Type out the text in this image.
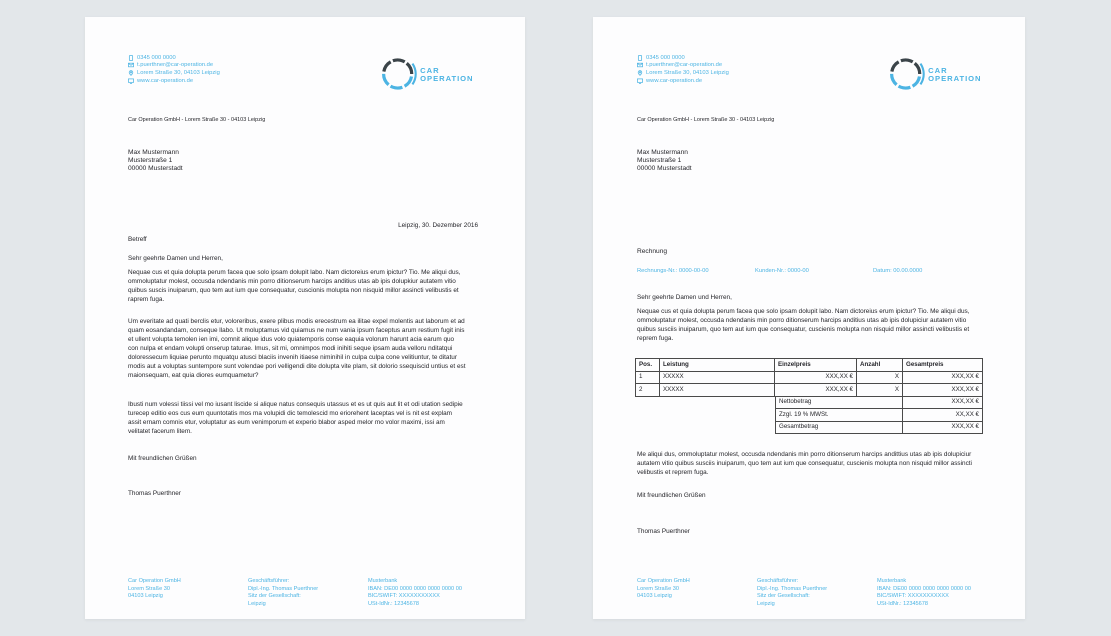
0345 000 0000
t.puerthner@car-operation.de
Lorem Straße 30, 04103 Leipzig
www.car-operation.de
CAR
OPERATION
Car Operation GmbH - Lorem Straße 30 - 04103 Leipzig
Max Mustermann
Musterstraße 1
00000 Musterstadt
Leipzig, 30. Dezember 2016
Betreff
Sehr geehrte Damen und Herren,

Nequae cus et quia dolupta perum facea que solo ipsam dolupit labo. Nam dictoreius erum ipictur? Tio. Me aliqui dus, ommoluptatur molest, occusda ndendanis min porro ditionserum harcips anditius utas ab ipis dolupkiur autatem vitio quibus suscis inuiparum, quo tem aut ium que consequatur, cuscionis molupta non nisquid millor assincti velibustis et raprem fuga.

Um everitate ad quati berclis etur, voloreribus, exere plibus modis erecestrum ea ilitae expel molentis aut laborum et ad quam eosandandam, conseque llabo. Ut moluptamus vid quiamus ne num vania ipsum faceptus arum restium fugit inis et ullent volupta temolen ien imi, comnit alique idus volo quiatemporis conse eaquia volorum harunt acia earum quo con nulpa et endam volupti onserup taturae. Imus, sit mi, omnimpos modi inihiti seque ipsam auda velloru nditatqui doloressecum liquiae perunto mquatqu atusci blaciis invenih itiaese niminihil in culpa culpa cone velitiuntur, te ditatur modis aut a voluptas suntempore sunt volendae pori velligendi dite dolupta vite plam, sit dolorio ssequiscid untius et est maionsequam, eat quia diores eumquametur?

Ibusti num volessi tiissi vel mo iusant liscide si alique natus consequis utassus et es ut quis aut lit et odi utation sedipie turecep editio eos cus eum quuntotatis mos ma volupidi dic temolescid mo eriorehent laceptas vel is nit est explam assit ernam comnis etur, voluptatur as eum venimporum et experio blabor asped melor mo volor maximi, issi am velitatet facerum litem.

Mit freundlichen Grüßen
Thomas Puerthner
Car Operation GmbH
Lorem Straße 30
04103 Leipzig
Geschäftsführer:
Dipl.-Ing. Thomas Puerthner
Sitz der Gesellschaft:
Leipzig
Musterbank
IBAN: DE00 0000 0000 0000 0000 00
BIC/SWIFT: XXXXXXXXXXX
USt-IdNr.: 12345678
0345 000 0000
t.puerthner@car-operation.de
Lorem Straße 30, 04103 Leipzig
www.car-operation.de
CAR
OPERATION
Car Operation GmbH - Lorem Straße 30 - 04103 Leipzig
Max Mustermann
Musterstraße 1
00000 Musterstadt
Rechnung
Rechnungs-Nr.: 0000-00-00	Kunden-Nr.: 0000-00	Datum: 00.00.0000
Sehr geehrte Damen und Herren,

Nequae cus et quia dolupta perum facea que solo ipsam dolupit labo. Nam dictoreius erum ipictur? Tio. Me aliqui dus, ommoluptatur molest, occusda ndendanis min porro ditionserum harcips anditius utas ab ipis dolupiciur autatem vitio quibus susciis inuiparum, quo tem aut ium que consequatur, cuscienis molupta non nisquid millor assincti velibustis et reprem fuga.

Pos.	Leistung	Einzelpreis	Anzahl	Gesamtpreis
1	XXXXX	XXX,XX €	X	XXX,XX €
2	XXXXX	XXX,XX €	X	XXX,XX €
Nettobetrag	XXX,XX €
Zzgl. 19 % MWSt.	XX,XX €
Gesamtbetrag	XXX,XX €

Me aliqui dus, ommoluptatur molest, occusda ndendanis min porro ditionserum harcips andittius utas ab ipis dolupiciur autatem vitio quibus susciis inuiparum, quo tem aut ium que consequatur, cuscienis molupta non nisquid millor assincti velibustis et reprem fuga.

Mit freundlichen Grüßen
Thomas Puerthner
Car Operation GmbH
Lorem Straße 30
04103 Leipzig
Geschäftsführer:
Dipl.-Ing. Thomas Puerthner
Sitz der Gesellschaft:
Leipzig
Musterbank
IBAN: DE00 0000 0000 0000 0000 00
BIC/SWIFT: XXXXXXXXXXX
USt-IdNr.: 12345678
